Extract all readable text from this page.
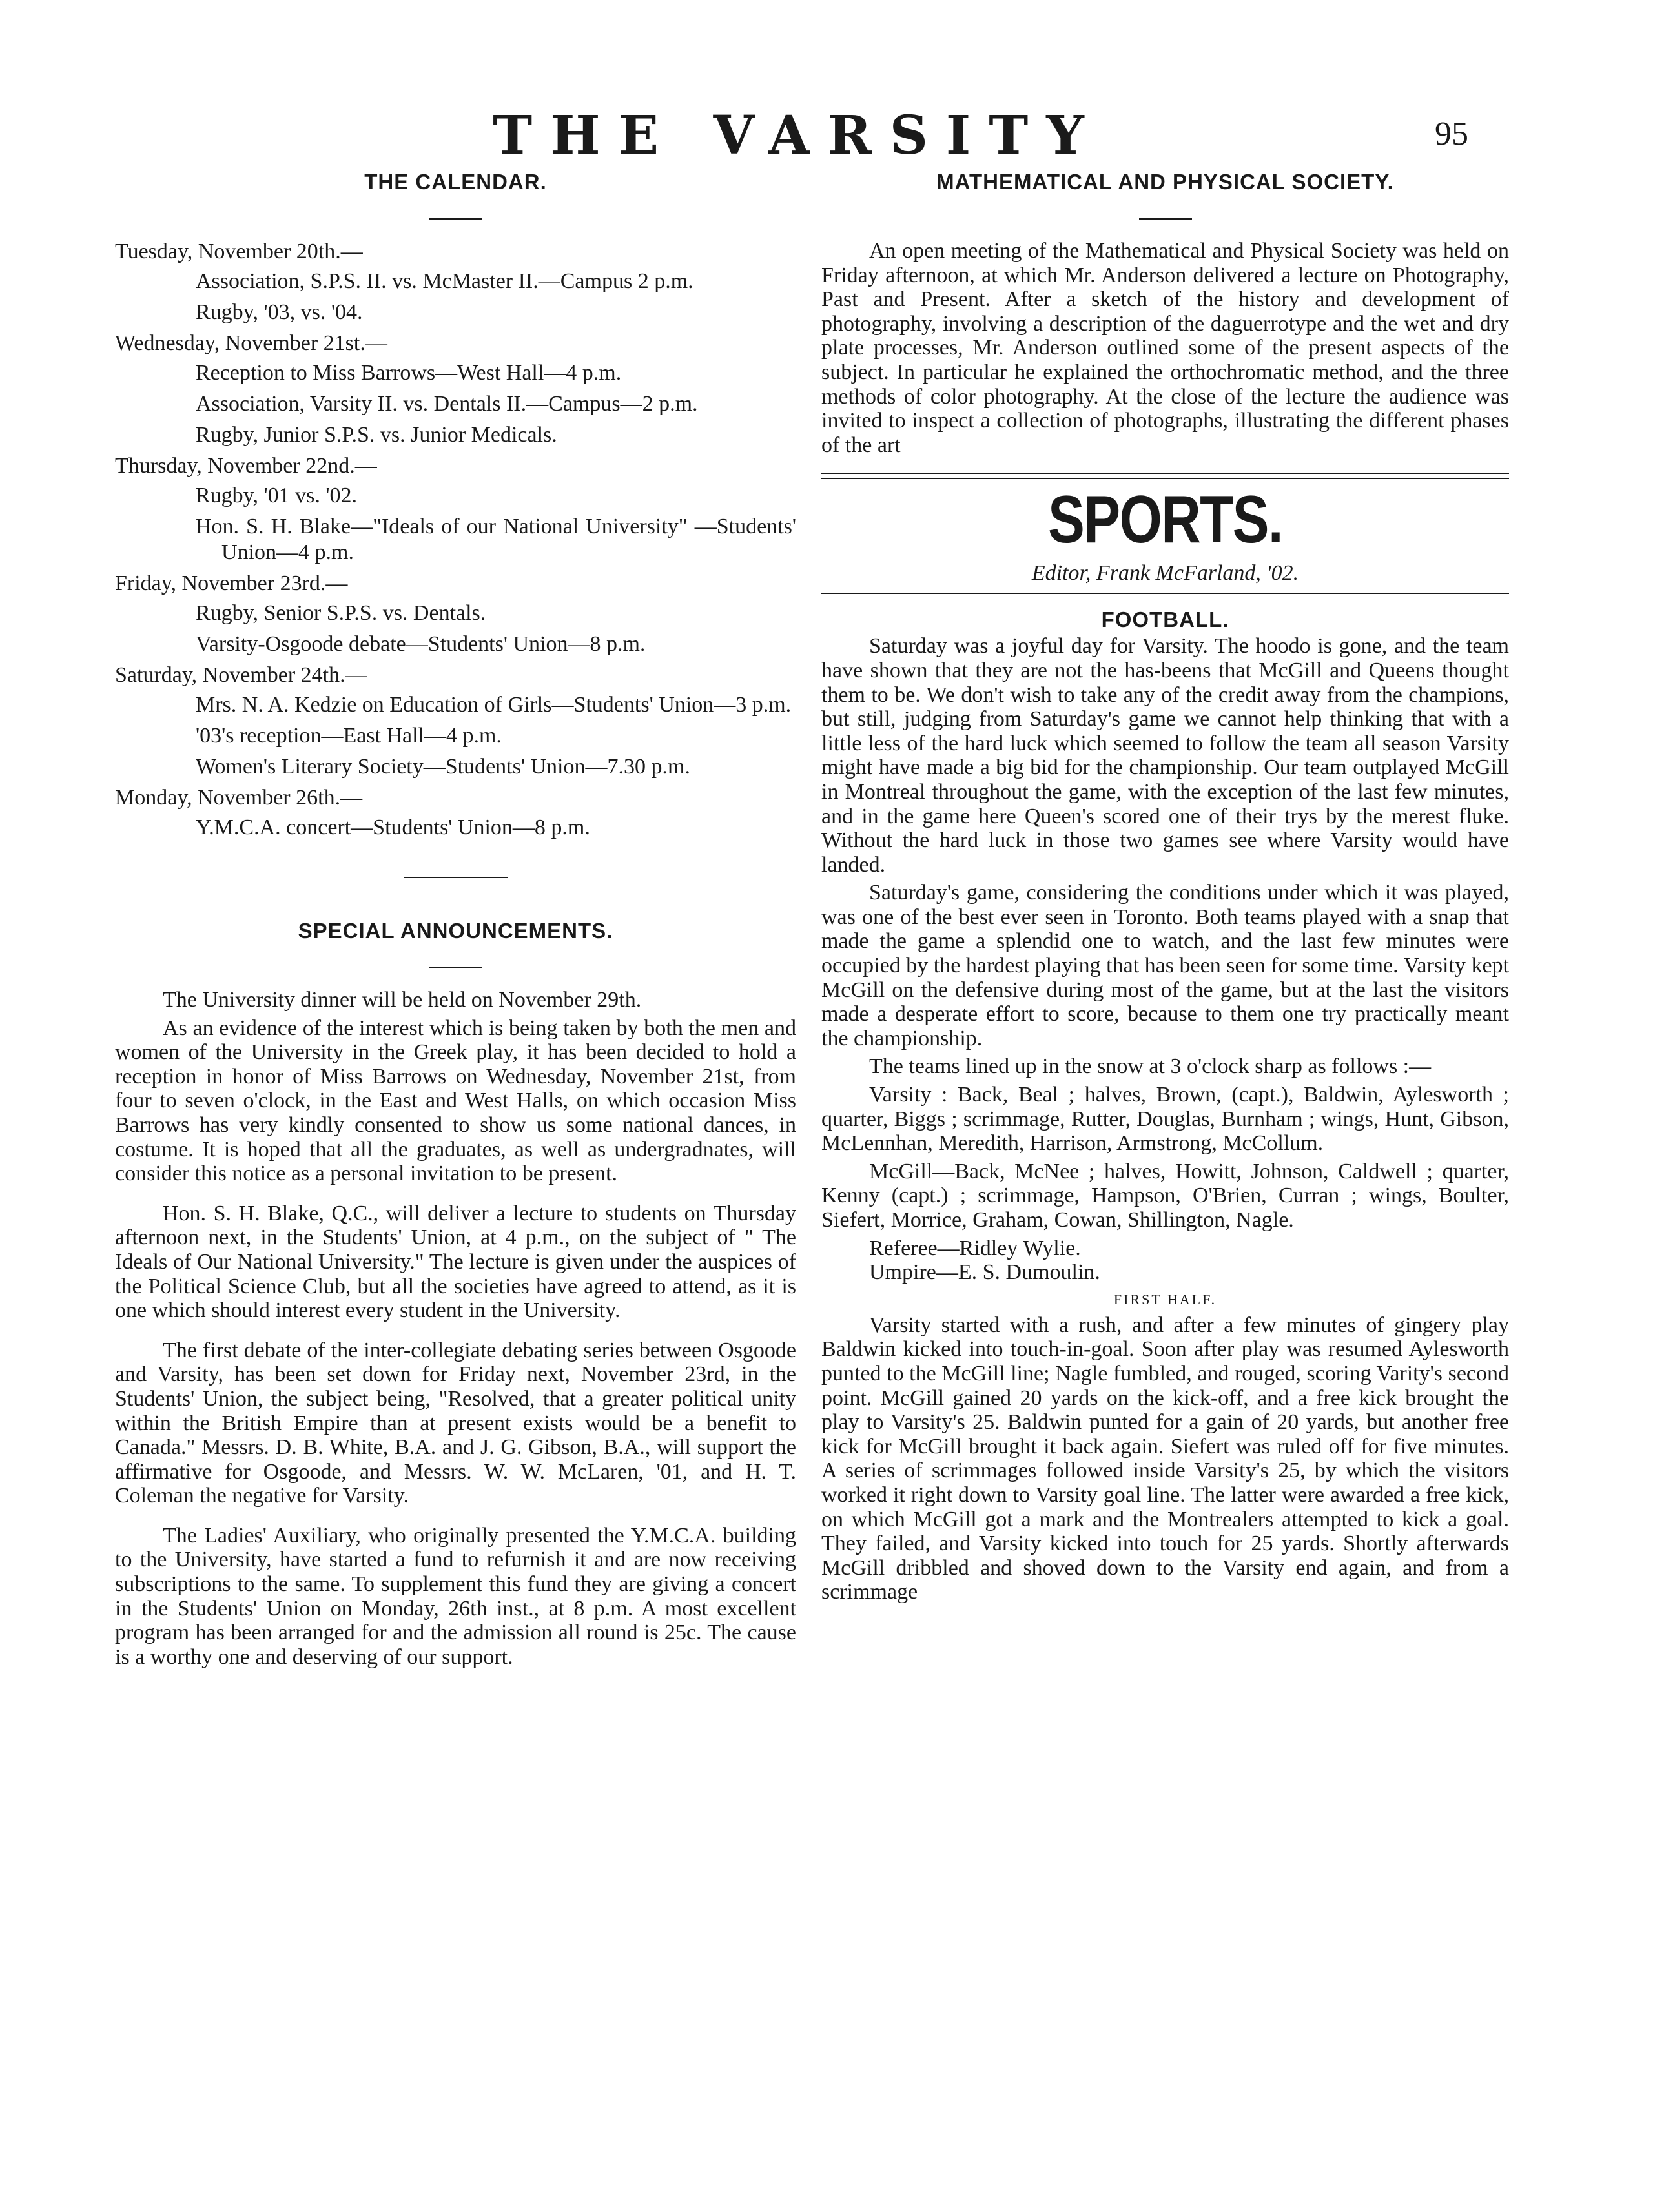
THE VARSITY	95
THE CALENDAR.
Tuesday, November 20th.—
Association, S.P.S. II. vs. McMaster II.—Campus 2 p.m.
Rugby, '03, vs. '04.
Wednesday, November 21st.—
Reception to Miss Barrows—West Hall—4 p.m.
Association, Varsity II. vs. Dentals II.—Campus—2 p.m.
Rugby, Junior S.P.S. vs. Junior Medicals.
Thursday, November 22nd.—
Rugby, '01 vs. '02.
Hon. S. H. Blake—"Ideals of our National University" —Students' Union—4 p.m.
Friday, November 23rd.—
Rugby, Senior S.P.S. vs. Dentals.
Varsity-Osgoode debate—Students' Union—8 p.m.
Saturday, November 24th.—
Mrs. N. A. Kedzie on Education of Girls—Students' Union—3 p.m.
'03's reception—East Hall—4 p.m.
Women's Literary Society—Students' Union—7.30 p.m.
Monday, November 26th.—
Y.M.C.A. concert—Students' Union—8 p.m.
SPECIAL ANNOUNCEMENTS.

The University dinner will be held on November 29th.

As an evidence of the interest which is being taken by both the men and women of the University in the Greek play, it has been decided to hold a reception in honor of Miss Barrows on Wednesday, November 21st, from four to seven o'clock, in the East and West Halls, on which occasion Miss Barrows has very kindly consented to show us some national dances, in costume. It is hoped that all the graduates, as well as undergradnates, will consider this notice as a personal invitation to be present.

Hon. S. H. Blake, Q.C., will deliver a lecture to students on Thursday afternoon next, in the Students' Union, at 4 p.m., on the subject of " The Ideals of Our National University." The lecture is given under the auspices of the Political Science Club, but all the societies have agreed to attend, as it is one which should interest every student in the University.

The first debate of the inter-collegiate debating series between Osgoode and Varsity, has been set down for Friday next, November 23rd, in the Students' Union, the subject being, "Resolved, that a greater political unity within the British Empire than at present exists would be a benefit to Canada." Messrs. D. B. White, B.A. and J. G. Gibson, B.A., will support the affirmative for Osgoode, and Messrs. W. W. McLaren, '01, and H. T. Coleman the negative for Varsity.

The Ladies' Auxiliary, who originally presented the Y.M.C.A. building to the University, have started a fund to refurnish it and are now receiving subscriptions to the same. To supplement this fund they are giving a concert in the Students' Union on Monday, 26th inst., at 8 p.m. A most excellent program has been arranged for and the admission all round is 25c. The cause is a worthy one and deserving of our support.

MATHEMATICAL AND PHYSICAL SOCIETY.

An open meeting of the Mathematical and Physical Society was held on Friday afternoon, at which Mr. Anderson delivered a lecture on Photography, Past and Present. After a sketch of the history and development of photography, involving a description of the daguerrotype and the wet and dry plate processes, Mr. Anderson outlined some of the present aspects of the subject. In particular he explained the orthochromatic method, and the three methods of color photography. At the close of the lecture the audience was invited to inspect a collection of photographs, illustrating the different phases of the art

SPORTS.
Editor, Frank McFarland, '02.
FOOTBALL.

Saturday was a joyful day for Varsity. The hoodo is gone, and the team have shown that they are not the has-beens that McGill and Queens thought them to be. We don't wish to take any of the credit away from the champions, but still, judging from Saturday's game we cannot help thinking that with a little less of the hard luck which seemed to follow the team all season Varsity might have made a big bid for the championship. Our team outplayed McGill in Montreal throughout the game, with the exception of the last few minutes, and in the game here Queen's scored one of their trys by the merest fluke. Without the hard luck in those two games see where Varsity would have landed.

Saturday's game, considering the conditions under which it was played, was one of the best ever seen in Toronto. Both teams played with a snap that made the game a splendid one to watch, and the last few minutes were occupied by the hardest playing that has been seen for some time. Varsity kept McGill on the defensive during most of the game, but at the last the visitors made a desperate effort to score, because to them one try practically meant the championship.

The teams lined up in the snow at 3 o'clock sharp as follows :—

Varsity : Back, Beal ; halves, Brown, (capt.), Baldwin, Aylesworth ; quarter, Biggs ; scrimmage, Rutter, Douglas, Burnham ; wings, Hunt, Gibson, McLennhan, Meredith, Harrison, Armstrong, McCollum.

McGill—Back, McNee ; halves, Howitt, Johnson, Caldwell ; quarter, Kenny (capt.) ; scrimmage, Hampson, O'Brien, Curran ; wings, Boulter, Siefert, Morrice, Graham, Cowan, Shillington, Nagle.

Referee—Ridley Wylie.

Umpire—E. S. Dumoulin.

FIRST HALF.

Varsity started with a rush, and after a few minutes of gingery play Baldwin kicked into touch-in-goal. Soon after play was resumed Aylesworth punted to the McGill line; Nagle fumbled, and rouged, scoring Varity's second point. McGill gained 20 yards on the kick-off, and a free kick brought the play to Varsity's 25. Baldwin punted for a gain of 20 yards, but another free kick for McGill brought it back again. Siefert was ruled off for five minutes. A series of scrimmages followed inside Varsity's 25, by which the visitors worked it right down to Varsity goal line. The latter were awarded a free kick, on which McGill got a mark and the Montrealers attempted to kick a goal. They failed, and Varsity kicked into touch for 25 yards. Shortly afterwards McGill dribbled and shoved down to the Varsity end again, and from a scrimmage
